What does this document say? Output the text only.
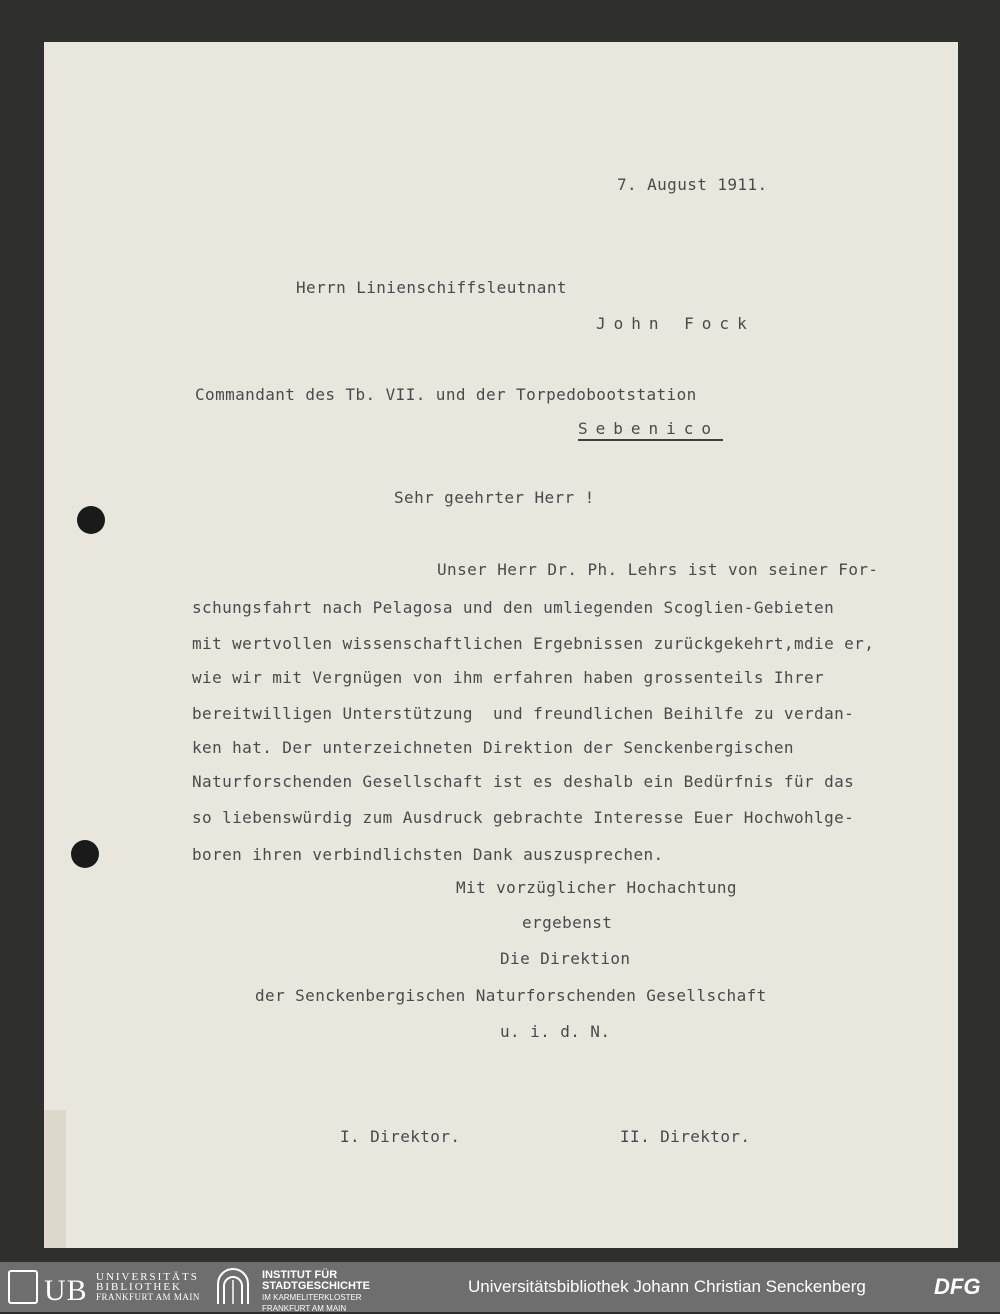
7. August 1911.
Herrn Linienschiffsleutnant
John Fock
Commandant des Tb. VII. und der Torpedobootstation
Sebenico
Sehr geehrter Herr !
Unser Herr Dr. Ph. Lehrs ist von seiner For-
schungsfahrt nach Pelagosa und den umliegenden Scoglien-Gebieten
mit wertvollen wissenschaftlichen Ergebnissen zurückgekehrt,mdie er,
wie wir mit Vergnügen von ihm erfahren haben grossenteils Ihrer
bereitwilligen Unterstützung  und freundlichen Beihilfe zu verdan-
ken hat. Der unterzeichneten Direktion der Senckenbergischen
Naturforschenden Gesellschaft ist es deshalb ein Bedürfnis für das
so liebenswürdig zum Ausdruck gebrachte Interesse Euer Hochwohlge-
boren ihren verbindlichsten Dank auszusprechen.
Mit vorzüglicher Hochachtung
ergebenst
Die Direktion
der Senckenbergischen Naturforschenden Gesellschaft
u. i. d. N.
I. Direktor.	II. Direktor.
UB UNIVERSITÄTS
BIBLIOTHEK
FRANKFURT AM MAIN
INSTITUT FÜR
STADTGESCHICHTE
IM KARMELITERKLOSTER
FRANKFURT AM MAIN
Universitätsbibliothek Johann Christian Senckenberg	DFG
